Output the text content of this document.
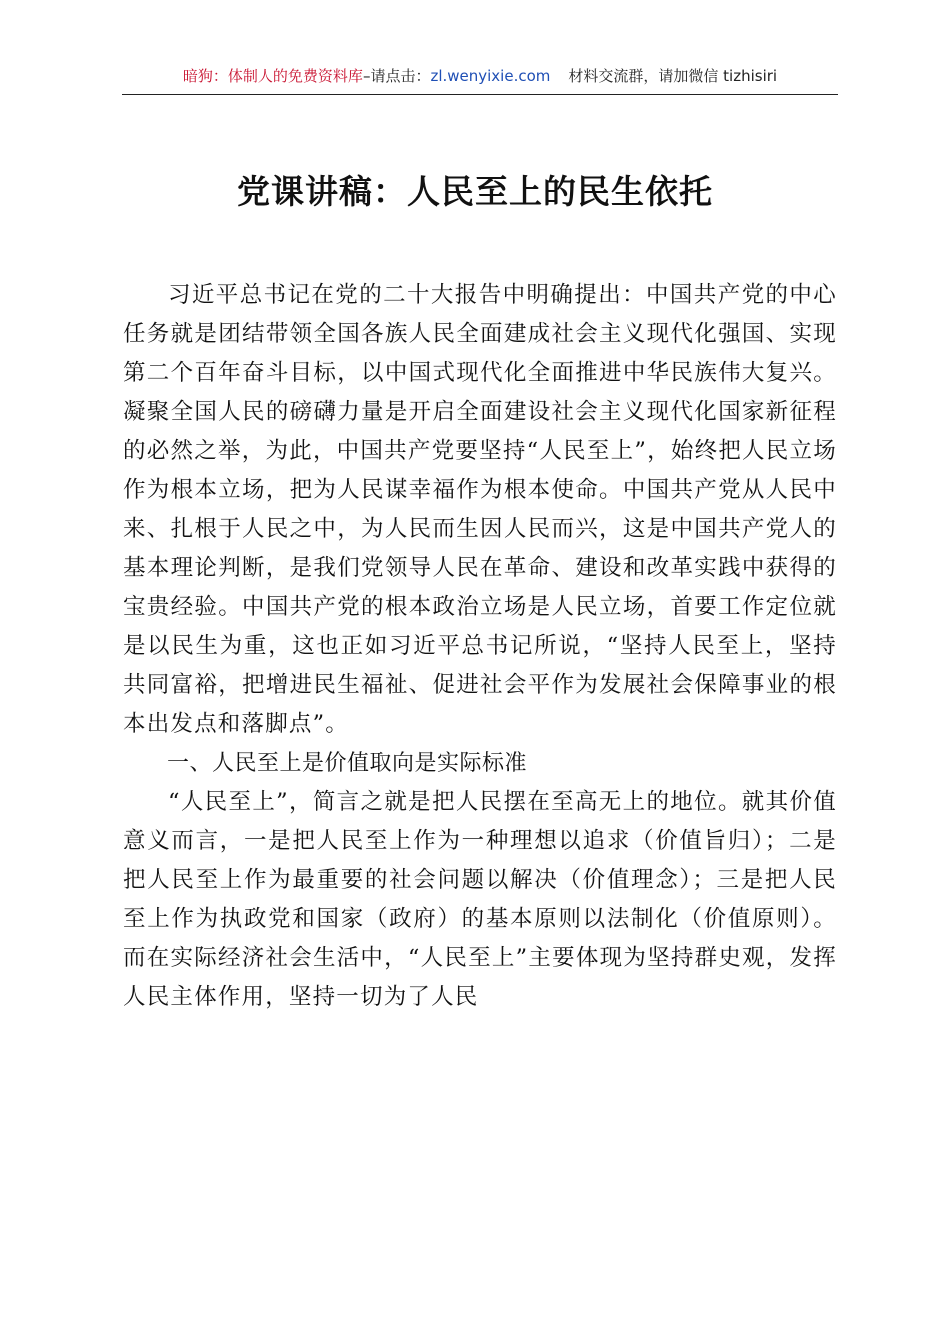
暗狗：体制人的免费资料库 –请点击： zl.wenyixie.com 材料交流群，请加微信 tizhisiri
党课讲稿：人民至上的民生依托

习近平总书记在党的二十大报告中明确提出：中国共产党的中心任务就是团结带领全国各族人民全面建成社会主义现代化强国、实现第二个百年奋斗目标，以中国式现代化全面推进中华民族伟大复兴。凝聚全国人民的磅礴力量是开启全面建设社会主义现代化国家新征程的必然之举，为此，中国共产党要坚持“人民至上”，始终把人民立场作为根本立场，把为人民谋幸福作为根本使命。中国共产党从人民中来、扎根于人民之中，为人民而生因人民而兴，这是中国共产党人的基本理论判断，是我们党领导人民在革命、建设和改革实践中获得的宝贵经验。中国共产党的根本政治立场是人民立场，首要工作定位就是以民生为重，这也正如习近平总书记所说，“坚持人民至上，坚持共同富裕，把增进民生福祉、促进社会平作为发展社会保障事业的根本出发点和落脚点”。

一、人民至上是价值取向是实际标准

“人民至上”，简言之就是把人民摆在至高无上的地位。就其价值意义而言，一是把人民至上作为一种理想以追求（价值旨归）；二是把人民至上作为最重要的社会问题以解决（价值理念）；三是把人民至上作为执政党和国家（政府）的基本原则以法制化（价值原则）。而在实际经济社会生活中，“人民至上”主要体现为坚持群史观，发挥人民主体作用，坚持一切为了人民
